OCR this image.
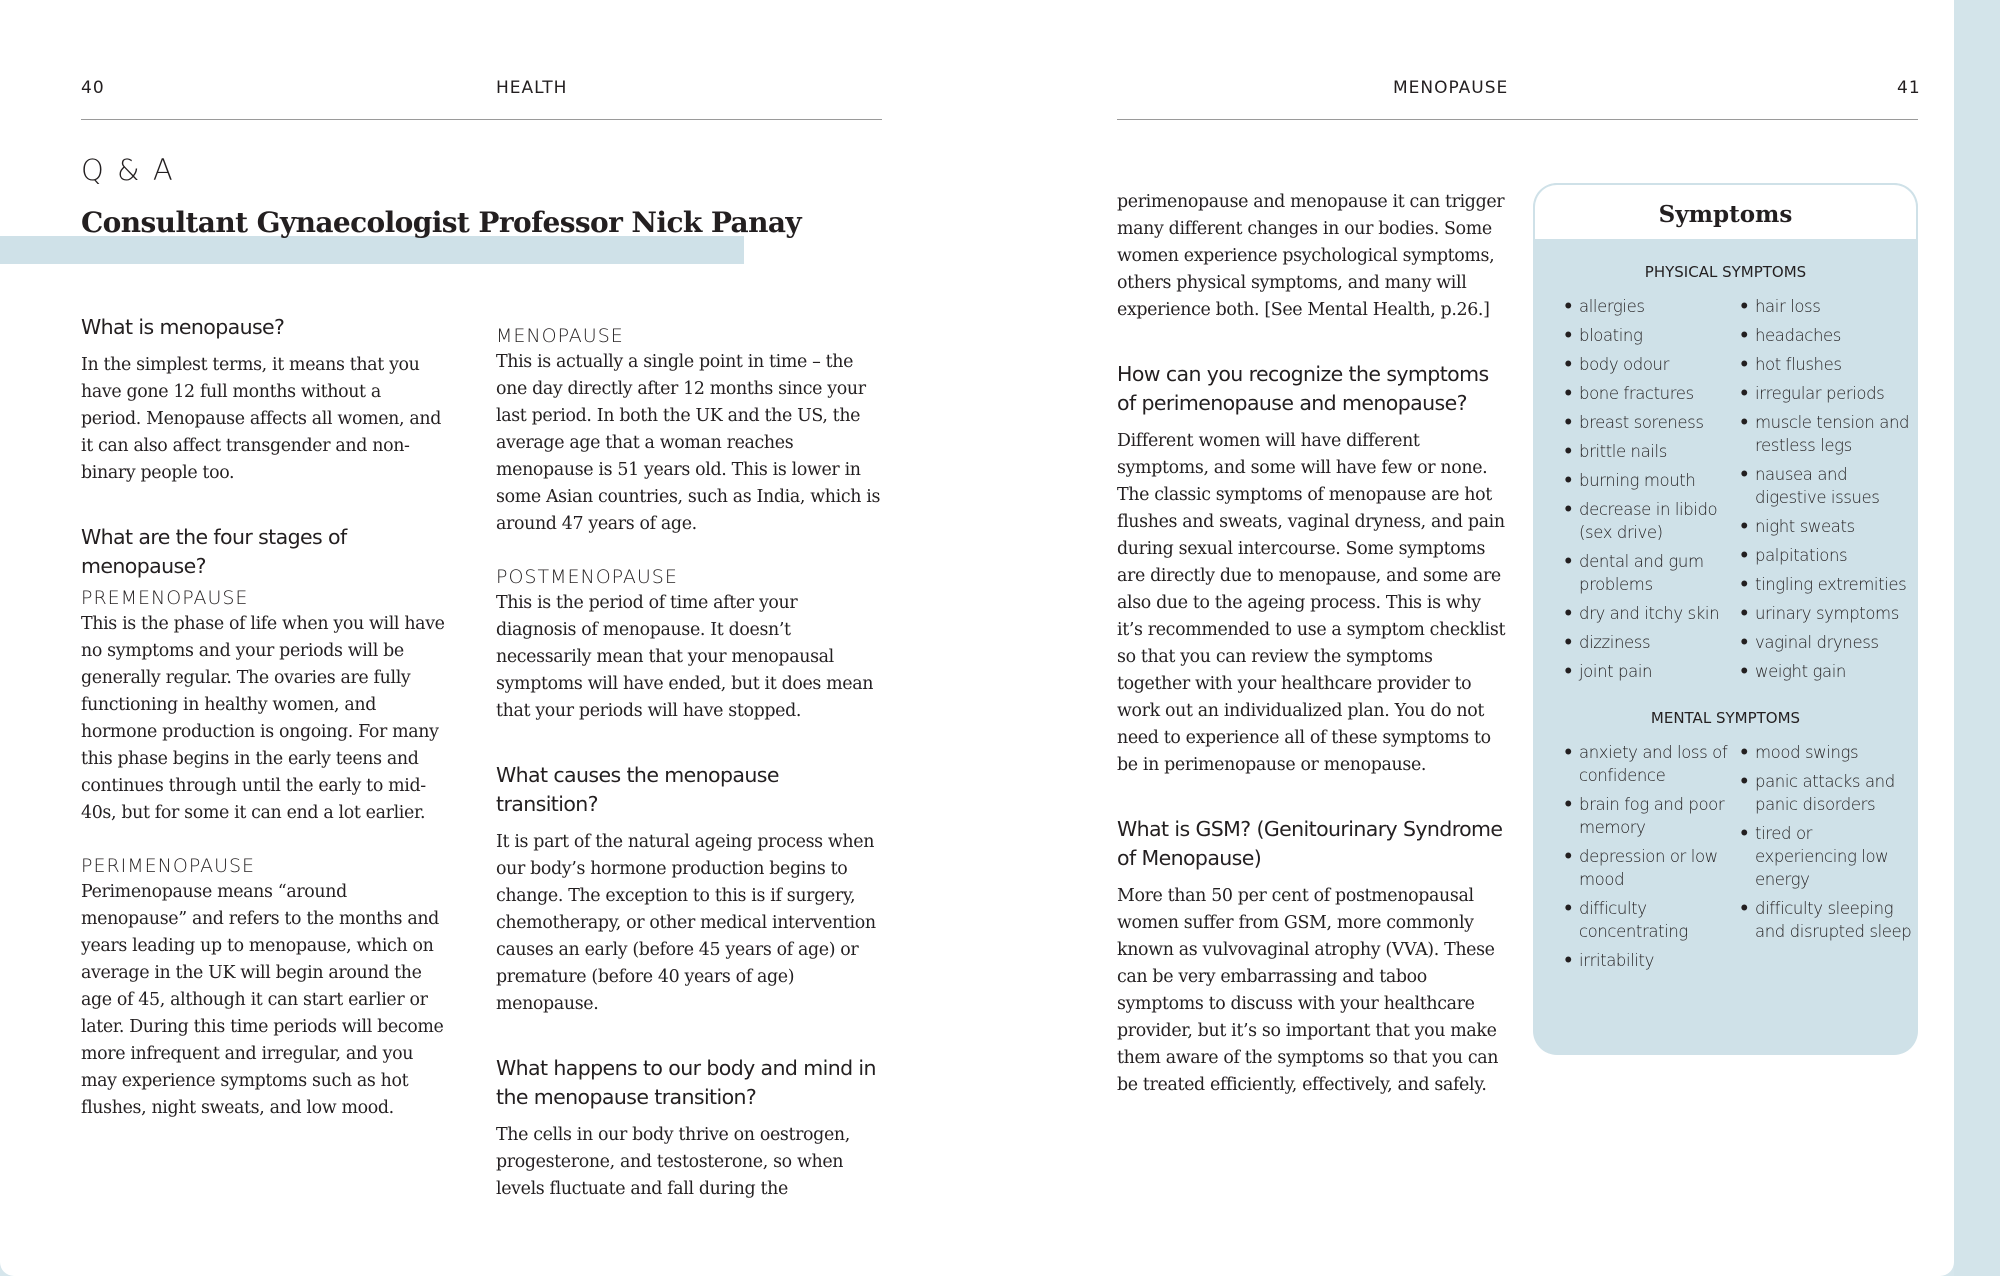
40	HEALTH
Q & A
Consultant Gynaecologist Professor Nick Panay
What is menopause?

In the simplest terms, it means that you have gone 12 full months without a period. Menopause affects all women, and it can also affect transgender and non-binary people too.

What are the four stages of menopause?
PREMENOPAUSE

This is the phase of life when you will have no symptoms and your periods will be generally regular. The ovaries are fully functioning in healthy women, and hormone production is ongoing. For many this phase begins in the early teens and continues through until the early to mid-40s, but for some it can end a lot earlier.

PERIMENOPAUSE

Perimenopause means “around menopause” and refers to the months and years leading up to menopause, which on average in the UK will begin around the age of 45, although it can start earlier or later. During this time periods will become more infrequent and irregular, and you may experience symptoms such as hot flushes, night sweats, and low mood.

MENOPAUSE

This is actually a single point in time – the one day directly after 12 months since your last period. In both the UK and the US, the average age that a woman reaches menopause is 51 years old. This is lower in some Asian countries, such as India, which is around 47 years of age.

POSTMENOPAUSE

This is the period of time after your diagnosis of menopause. It doesn’t necessarily mean that your menopausal symptoms will have ended, but it does mean that your periods will have stopped.

What causes the menopause transition?

It is part of the natural ageing process when our body’s hormone production begins to change. The exception to this is if surgery, chemotherapy, or other medical intervention causes an early (before 45 years of age) or premature (before 40 years of age) menopause.

What happens to our body and mind in the menopause transition?

The cells in our body thrive on oestrogen, progesterone, and testosterone, so when levels fluctuate and fall during the

MENOPAUSE	41

perimenopause and menopause it can trigger many different changes in our bodies. Some women experience psychological symptoms, others physical symptoms, and many will experience both. [See Mental Health, p.26.]

How can you recognize the symptoms of perimenopause and menopause?

Different women will have different symptoms, and some will have few or none. The classic symptoms of menopause are hot flushes and sweats, vaginal dryness, and pain during sexual intercourse. Some symptoms are directly due to menopause, and some are also due to the ageing process. This is why it’s recommended to use a symptom checklist so that you can review the symptoms together with your healthcare provider to work out an individualized plan. You do not need to experience all of these symptoms to be in perimenopause or menopause.

What is GSM? (Genitourinary Syndrome of Menopause)

More than 50 per cent of postmenopausal women suffer from GSM, more commonly known as vulvovaginal atrophy (VVA). These can be very embarrassing and taboo symptoms to discuss with your healthcare provider, but it’s so important that you make them aware of the symptoms so that you can be treated efficiently, effectively, and safely.

Symptoms
PHYSICAL SYMPTOMS
• allergies
• bloating
• body odour
• bone fractures
• breast soreness
• brittle nails
• burning mouth
• decrease in libido (sex drive)
• dental and gum problems
• dry and itchy skin
• dizziness
• joint pain
• hair loss
• headaches
• hot flushes
• irregular periods
• muscle tension and restless legs
• nausea and digestive issues
• night sweats
• palpitations
• tingling extremities
• urinary symptoms
• vaginal dryness
• weight gain
MENTAL SYMPTOMS
• anxiety and loss of confidence
• brain fog and poor memory
• depression or low mood
• difficulty concentrating
• irritability
• mood swings
• panic attacks and panic disorders
• tired or experiencing low energy
• difficulty sleeping and disrupted sleep
